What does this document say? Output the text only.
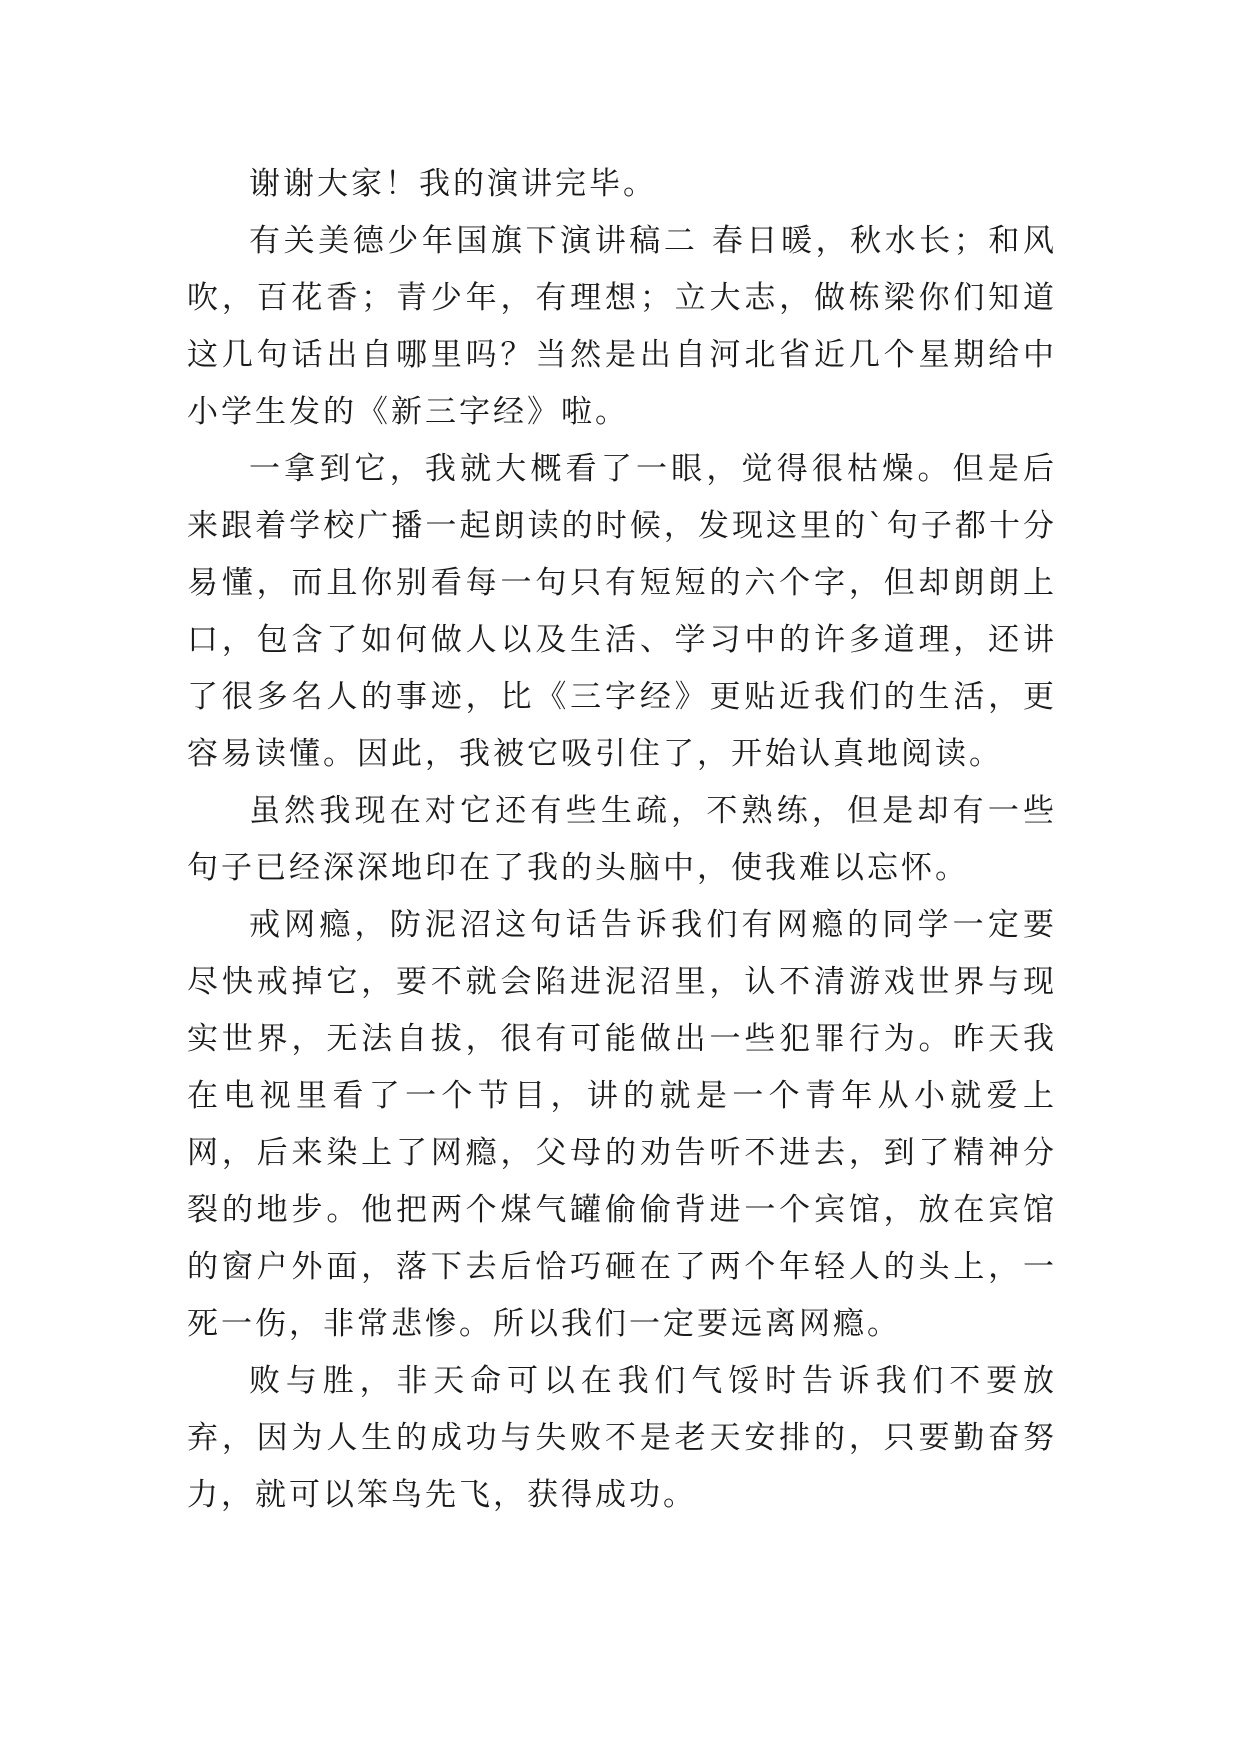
谢谢大家！我的演讲完毕。

有关美德少年国旗下演讲稿二 春日暖，秋水长；和风吹，百花香；青少年，有理想；立大志，做栋梁你们知道这几句话出自哪里吗？当然是出自河北省近几个星期给中小学生发的《新三字经》啦。

一拿到它，我就大概看了一眼，觉得很枯燥。但是后来跟着学校广播一起朗读的时候，发现这里的`句子都十分易懂，而且你别看每一句只有短短的六个字，但却朗朗上口，包含了如何做人以及生活、学习中的许多道理，还讲了很多名人的事迹，比《三字经》更贴近我们的生活，更容易读懂。因此，我被它吸引住了，开始认真地阅读。

虽然我现在对它还有些生疏，不熟练，但是却有一些句子已经深深地印在了我的头脑中，使我难以忘怀。

戒网瘾，防泥沼这句话告诉我们有网瘾的同学一定要尽快戒掉它，要不就会陷进泥沼里，认不清游戏世界与现实世界，无法自拔，很有可能做出一些犯罪行为。昨天我在电视里看了一个节目，讲的就是一个青年从小就爱上网，后来染上了网瘾，父母的劝告听不进去，到了精神分裂的地步。他把两个煤气罐偷偷背进一个宾馆，放在宾馆的窗户外面，落下去后恰巧砸在了两个年轻人的头上，一死一伤，非常悲惨。所以我们一定要远离网瘾。

败与胜，非天命可以在我们气馁时告诉我们不要放弃，因为人生的成功与失败不是老天安排的，只要勤奋努力，就可以笨鸟先飞，获得成功。
